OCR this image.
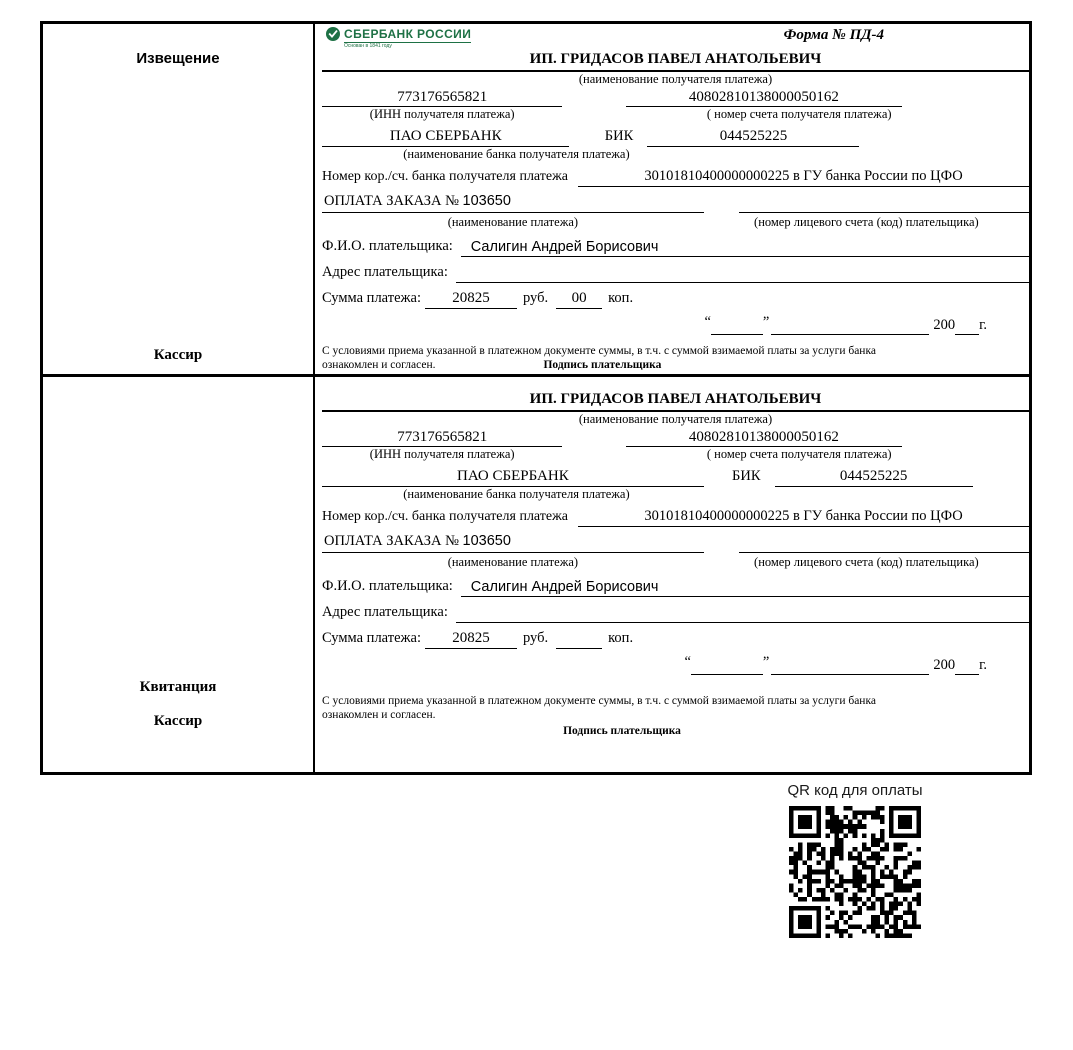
Извещение
Кассир
СБЕРБАНК РОССИИ
Основан в 1841 году
Форма № ПД-4
ИП. ГРИДАСОВ ПАВЕЛ АНАТОЛЬЕВИЧ
(наименование получателя платежа)
773176565821	40802810138000050162
(ИНН получателя платежа)	( номер счета получателя платежа)
ПАО СБЕРБАНК	БИК	044525225
(наименование банка получателя платежа)
Номер кор./сч. банка получателя платежа	30101810400000000225 в ГУ банка России по ЦФО
ОПЛАТА ЗАКАЗА № 103650
(наименование платежа)	(номер лицевого счета (код) плательщика)
Ф.И.О. плательщика:	Салигин Андрей Борисович
Адрес плательщика:
Сумма платежа:	20825	руб.	00	коп.
“	”	200 г.
С условиями приема указанной в платежном документе суммы, в т.ч. с суммой взимаемой платы за услуги банка
ознакомлен и согласен.	Подпись плательщика
Квитанция
Кассир
ИП. ГРИДАСОВ ПАВЕЛ АНАТОЛЬЕВИЧ
(наименование получателя платежа)
773176565821	40802810138000050162
(ИНН получателя платежа)	( номер счета получателя платежа)
ПАО СБЕРБАНК	БИК	044525225
(наименование банка получателя платежа)
Номер кор./сч. банка получателя платежа	30101810400000000225 в ГУ банка России по ЦФО
ОПЛАТА ЗАКАЗА № 103650
(наименование платежа)	(номер лицевого счета (код) плательщика)
Ф.И.О. плательщика:	Салигин Андрей Борисович
Адрес плательщика:
Сумма платежа:	20825	руб.	коп.
“	”	200 г.
С условиями приема указанной в платежном документе суммы, в т.ч. с суммой взимаемой платы за услуги банка
ознакомлен и согласен.
Подпись плательщика
QR код для оплаты
